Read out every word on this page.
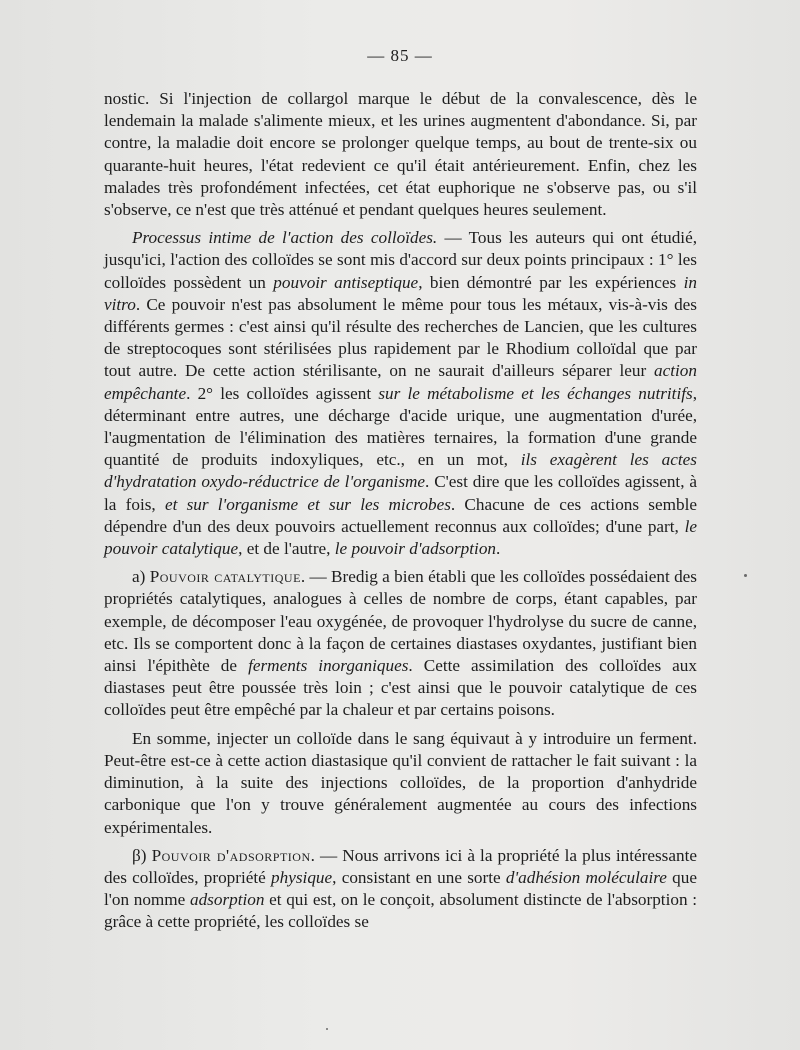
— 85 —

nostic. Si l'injection de collargol marque le début de la convalescence, dès le lendemain la malade s'alimente mieux, et les urines augmentent d'abondance. Si, par contre, la maladie doit encore se prolonger quelque temps, au bout de trente-six ou quarante-huit heures, l'état redevient ce qu'il était antérieurement. Enfin, chez les malades très profondément infectées, cet état euphorique ne s'observe pas, ou s'il s'observe, ce n'est que très atténué et pendant quelques heures seulement.

Processus intime de l'action des colloïdes. — Tous les auteurs qui ont étudié, jusqu'ici, l'action des colloïdes se sont mis d'accord sur deux points principaux : 1° les colloïdes possèdent un pouvoir antiseptique, bien démontré par les expériences in vitro. Ce pouvoir n'est pas absolument le même pour tous les métaux, vis-à-vis des différents germes : c'est ainsi qu'il résulte des recherches de Lancien, que les cultures de streptocoques sont stérilisées plus rapidement par le Rhodium colloïdal que par tout autre. De cette action stérilisante, on ne saurait d'ailleurs séparer leur action empêchante. 2° les colloïdes agissent sur le métabolisme et les échanges nutritifs, déterminant entre autres, une décharge d'acide urique, une augmentation d'urée, l'augmentation de l'élimination des matières ternaires, la formation d'une grande quantité de produits indoxyliques, etc., en un mot, ils exagèrent les actes d'hydratation oxydo-réductrice de l'organisme. C'est dire que les colloïdes agissent, à la fois, et sur l'organisme et sur les microbes. Chacune de ces actions semble dépendre d'un des deux pouvoirs actuellement reconnus aux colloïdes; d'une part, le pouvoir catalytique, et de l'autre, le pouvoir d'adsorption.

a) Pouvoir catalytique. — Bredig a bien établi que les colloïdes possédaient des propriétés catalytiques, analogues à celles de nombre de corps, étant capables, par exemple, de décomposer l'eau oxygénée, de provoquer l'hydrolyse du sucre de canne, etc. Ils se comportent donc à la façon de certaines diastases oxydantes, justifiant bien ainsi l'épithète de ferments inorganiques. Cette assimilation des colloïdes aux diastases peut être poussée très loin ; c'est ainsi que le pouvoir catalytique de ces colloïdes peut être empêché par la chaleur et par certains poisons.

En somme, injecter un colloïde dans le sang équivaut à y introduire un ferment. Peut-être est-ce à cette action diastasique qu'il convient de rattacher le fait suivant : la diminution, à la suite des injections colloïdes, de la proportion d'anhydride carbonique que l'on y trouve généralement augmentée au cours des infections expérimentales.

β) Pouvoir d'adsorption. — Nous arrivons ici à la propriété la plus intéressante des colloïdes, propriété physique, consistant en une sorte d'adhésion moléculaire que l'on nomme adsorption et qui est, on le conçoit, absolument distincte de l'absorption : grâce à cette propriété, les colloïdes se
